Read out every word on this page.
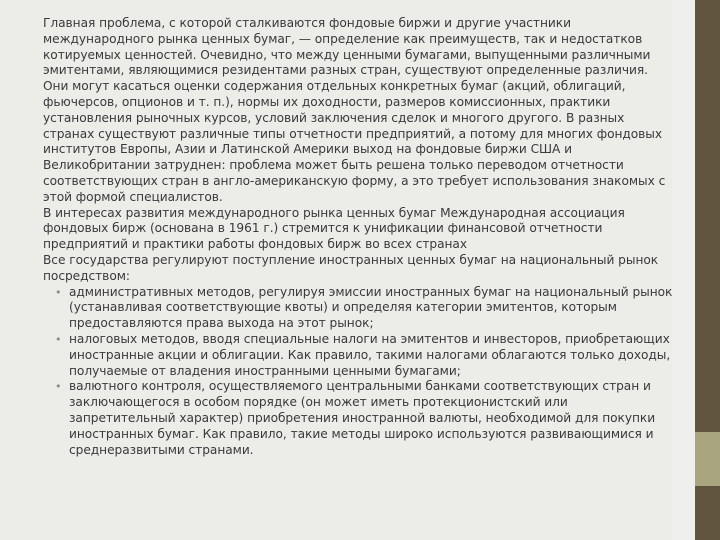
Главная проблема, с которой сталкиваются фондовые биржи и другие участники международного рынка ценных бумаг, — определение как преимуществ, так и недостатков котируемых ценностей. Очевидно, что между ценными бумагами, выпущенными различными эмитентами, являющимися резидентами разных стран, существуют определенные различия. Они могут касаться оценки содержания отдельных конкретных бумаг (акций, облигаций, фьючерсов, опционов и т. п.), нормы их доходности, размеров комиссионных, практики установления рыночных курсов, условий заключения сделок и многого другого. В разных странах существуют различные типы отчетности предприятий, а потому для многих фондовых институтов Европы, Азии и Латинской Америки выход на фондовые биржи США и Великобритании затруднен: проблема может быть решена только переводом отчетности соответствующих стран в англо-американскую форму, а это требует использования знакомых с этой формой специалистов.

В интересах развития международного рынка ценных бумаг Международная ассоциация фондовых бирж (основана в 1961 г.) стремится к унификации финансовой отчетности предприятий и практики работы фондовых бирж во всех странах

Все государства регулируют поступление иностранных ценных бумаг на национальный рынок посредством:

• административных методов, регулируя эмиссии иностранных бумаг на национальный рынок (устанавливая соответствующие квоты) и определяя категории эмитентов, которым предоставляются права выхода на этот рынок;
• налоговых методов, вводя специальные налоги на эмитентов и инвесторов, приобретающих иностранные акции и облигации. Как правило, такими налогами облагаются только доходы, получаемые от владения иностранными ценными бумагами;
• валютного контроля, осуществляемого центральными банками соответствующих стран и заключающегося в особом порядке (он может иметь протекционистский или запретительный характер) приобретения иностранной валюты, необходимой для покупки иностранных бумаг. Как правило, такие методы широко используются развивающимися и среднеразвитыми странами.
